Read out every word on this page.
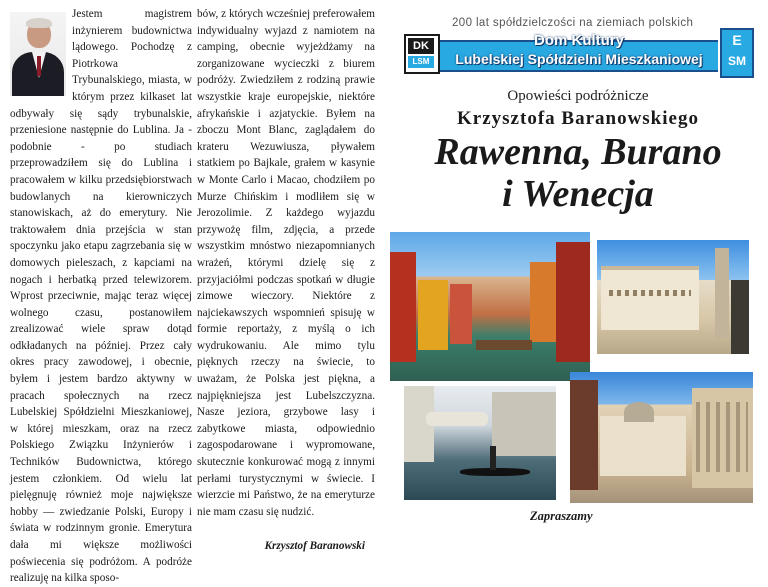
Jestem magistrem inżynierem budownictwa lądowego. Pochodzę z Piotrkowa Trybunalskiego, miasta, w którym przez kilkaset lat odbywały się sądy trybunalskie, przeniesione następnie do Lublina. Ja - podobnie - po studiach przeprowadziłem się do Lublina i pracowałem w kilku przedsiębiorstwach budowlanych na kierowniczych stanowiskach, aż do emerytury. Nie traktowałem dnia przejścia w stan spoczynku jako etapu zagrzebania się w domowych pieleszach, z kapciami na nogach i herbatką przed telewizorem. Wprost przeciwnie, mając teraz więcej wolnego czasu, postanowiłem zrealizować wiele spraw dotąd odkładanych na później. Przez cały okres pracy zawodowej, i obecnie, byłem i jestem bardzo aktywny w pracach społecznych na rzecz Lubelskiej Spółdzielni Mieszkaniowej, w której mieszkam, oraz na rzecz Polskiego Związku Inżynierów i Techników Budownictwa, którego jestem członkiem. Od wielu lat pielęgnuję również moje największe hobby — zwiedzanie Polski, Europy i świata w rodzinnym gronie. Emerytura dała mi większe możliwości poświecenia się podróżom. A podróże realizuję na kilka sposo-

bów, z których wcześniej preferowałem indywidualny wyjazd z namiotem na camping, obecnie wyjeżdżamy na zorganizowane wycieczki z biurem podróży. Zwiedziłem z rodziną prawie wszystkie kraje europejskie, niektóre afrykańskie i azjatyckie. Byłem na zboczu Mont Blanc, zaglądałem do krateru Wezuwiusza, pływałem statkiem po Bajkale, grałem w kasynie w Monte Carlo i Macao, chodziłem po Murze Chińskim i modliłem się w Jerozolimie. Z każdego wyjazdu przywożę film, zdjęcia, a przede wszystkim mnóstwo niezapomnianych wrażeń, którymi dzielę się z przyjaciółmi podczas spotkań w długie zimowe wieczory. Niektóre z najciekawszych wspomnień spisuję w formie reportaży, z myślą o ich wydrukowaniu. Ale mimo tylu pięknych rzeczy na świecie, to uważam, że Polska jest piękna, a najpiękniejsza jest Lubelszczyzna. Nasze jeziora, grzybowe lasy i zabytkowe miasta, odpowiednio zagospodarowane i wypromowane, skutecznie konkurować mogą z innymi perłami turystycznymi w świecie. I wierzcie mi Państwo, że na emeryturze nie mam czasu się nudzić.

Krzysztof Baranowski
200 lat spółdzielczości na ziemiach polskich
DK
LSM
Dom Kultury
Lubelskiej Spółdzielni Mieszkaniowej
E
SM
Opowieści podróżnicze
Krzysztofa Baranowskiego
Rawenna, Burano
i Wenecja
Zapraszamy
